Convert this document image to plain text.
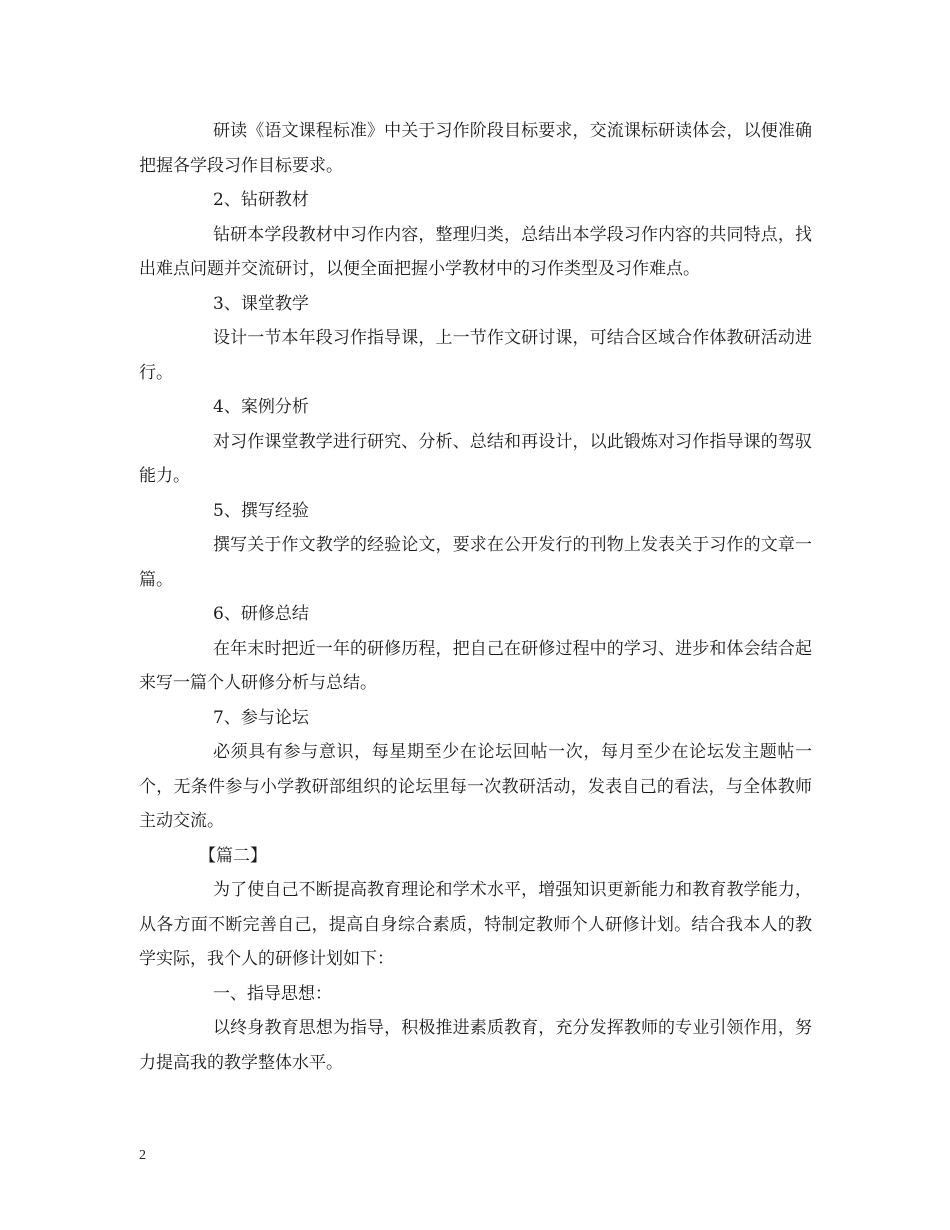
研读《语文课程标准》中关于习作阶段目标要求，交流课标研读体会，以便准确把握各学段习作目标要求。

2、钻研教材

钻研本学段教材中习作内容，整理归类，总结出本学段习作内容的共同特点，找出难点问题并交流研讨，以便全面把握小学教材中的习作类型及习作难点。

3、课堂教学

设计一节本年段习作指导课，上一节作文研讨课，可结合区域合作体教研活动进行。

4、案例分析

对习作课堂教学进行研究、分析、总结和再设计，以此锻炼对习作指导课的驾驭能力。

5、撰写经验

撰写关于作文教学的经验论文，要求在公开发行的刊物上发表关于习作的文章一篇。

6、研修总结

在年末时把近一年的研修历程，把自己在研修过程中的学习、进步和体会结合起来写一篇个人研修分析与总结。

7、参与论坛

必须具有参与意识，每星期至少在论坛回帖一次，每月至少在论坛发主题帖一个，无条件参与小学教研部组织的论坛里每一次教研活动，发表自己的看法，与全体教师主动交流。

【篇二】

为了使自己不断提高教育理论和学术水平，增强知识更新能力和教育教学能力，从各方面不断完善自己，提高自身综合素质，特制定教师个人研修计划。结合我本人的教学实际，我个人的研修计划如下：

一、指导思想：

以终身教育思想为指导，积极推进素质教育，充分发挥教师的专业引领作用，努力提高我的教学整体水平。

2
